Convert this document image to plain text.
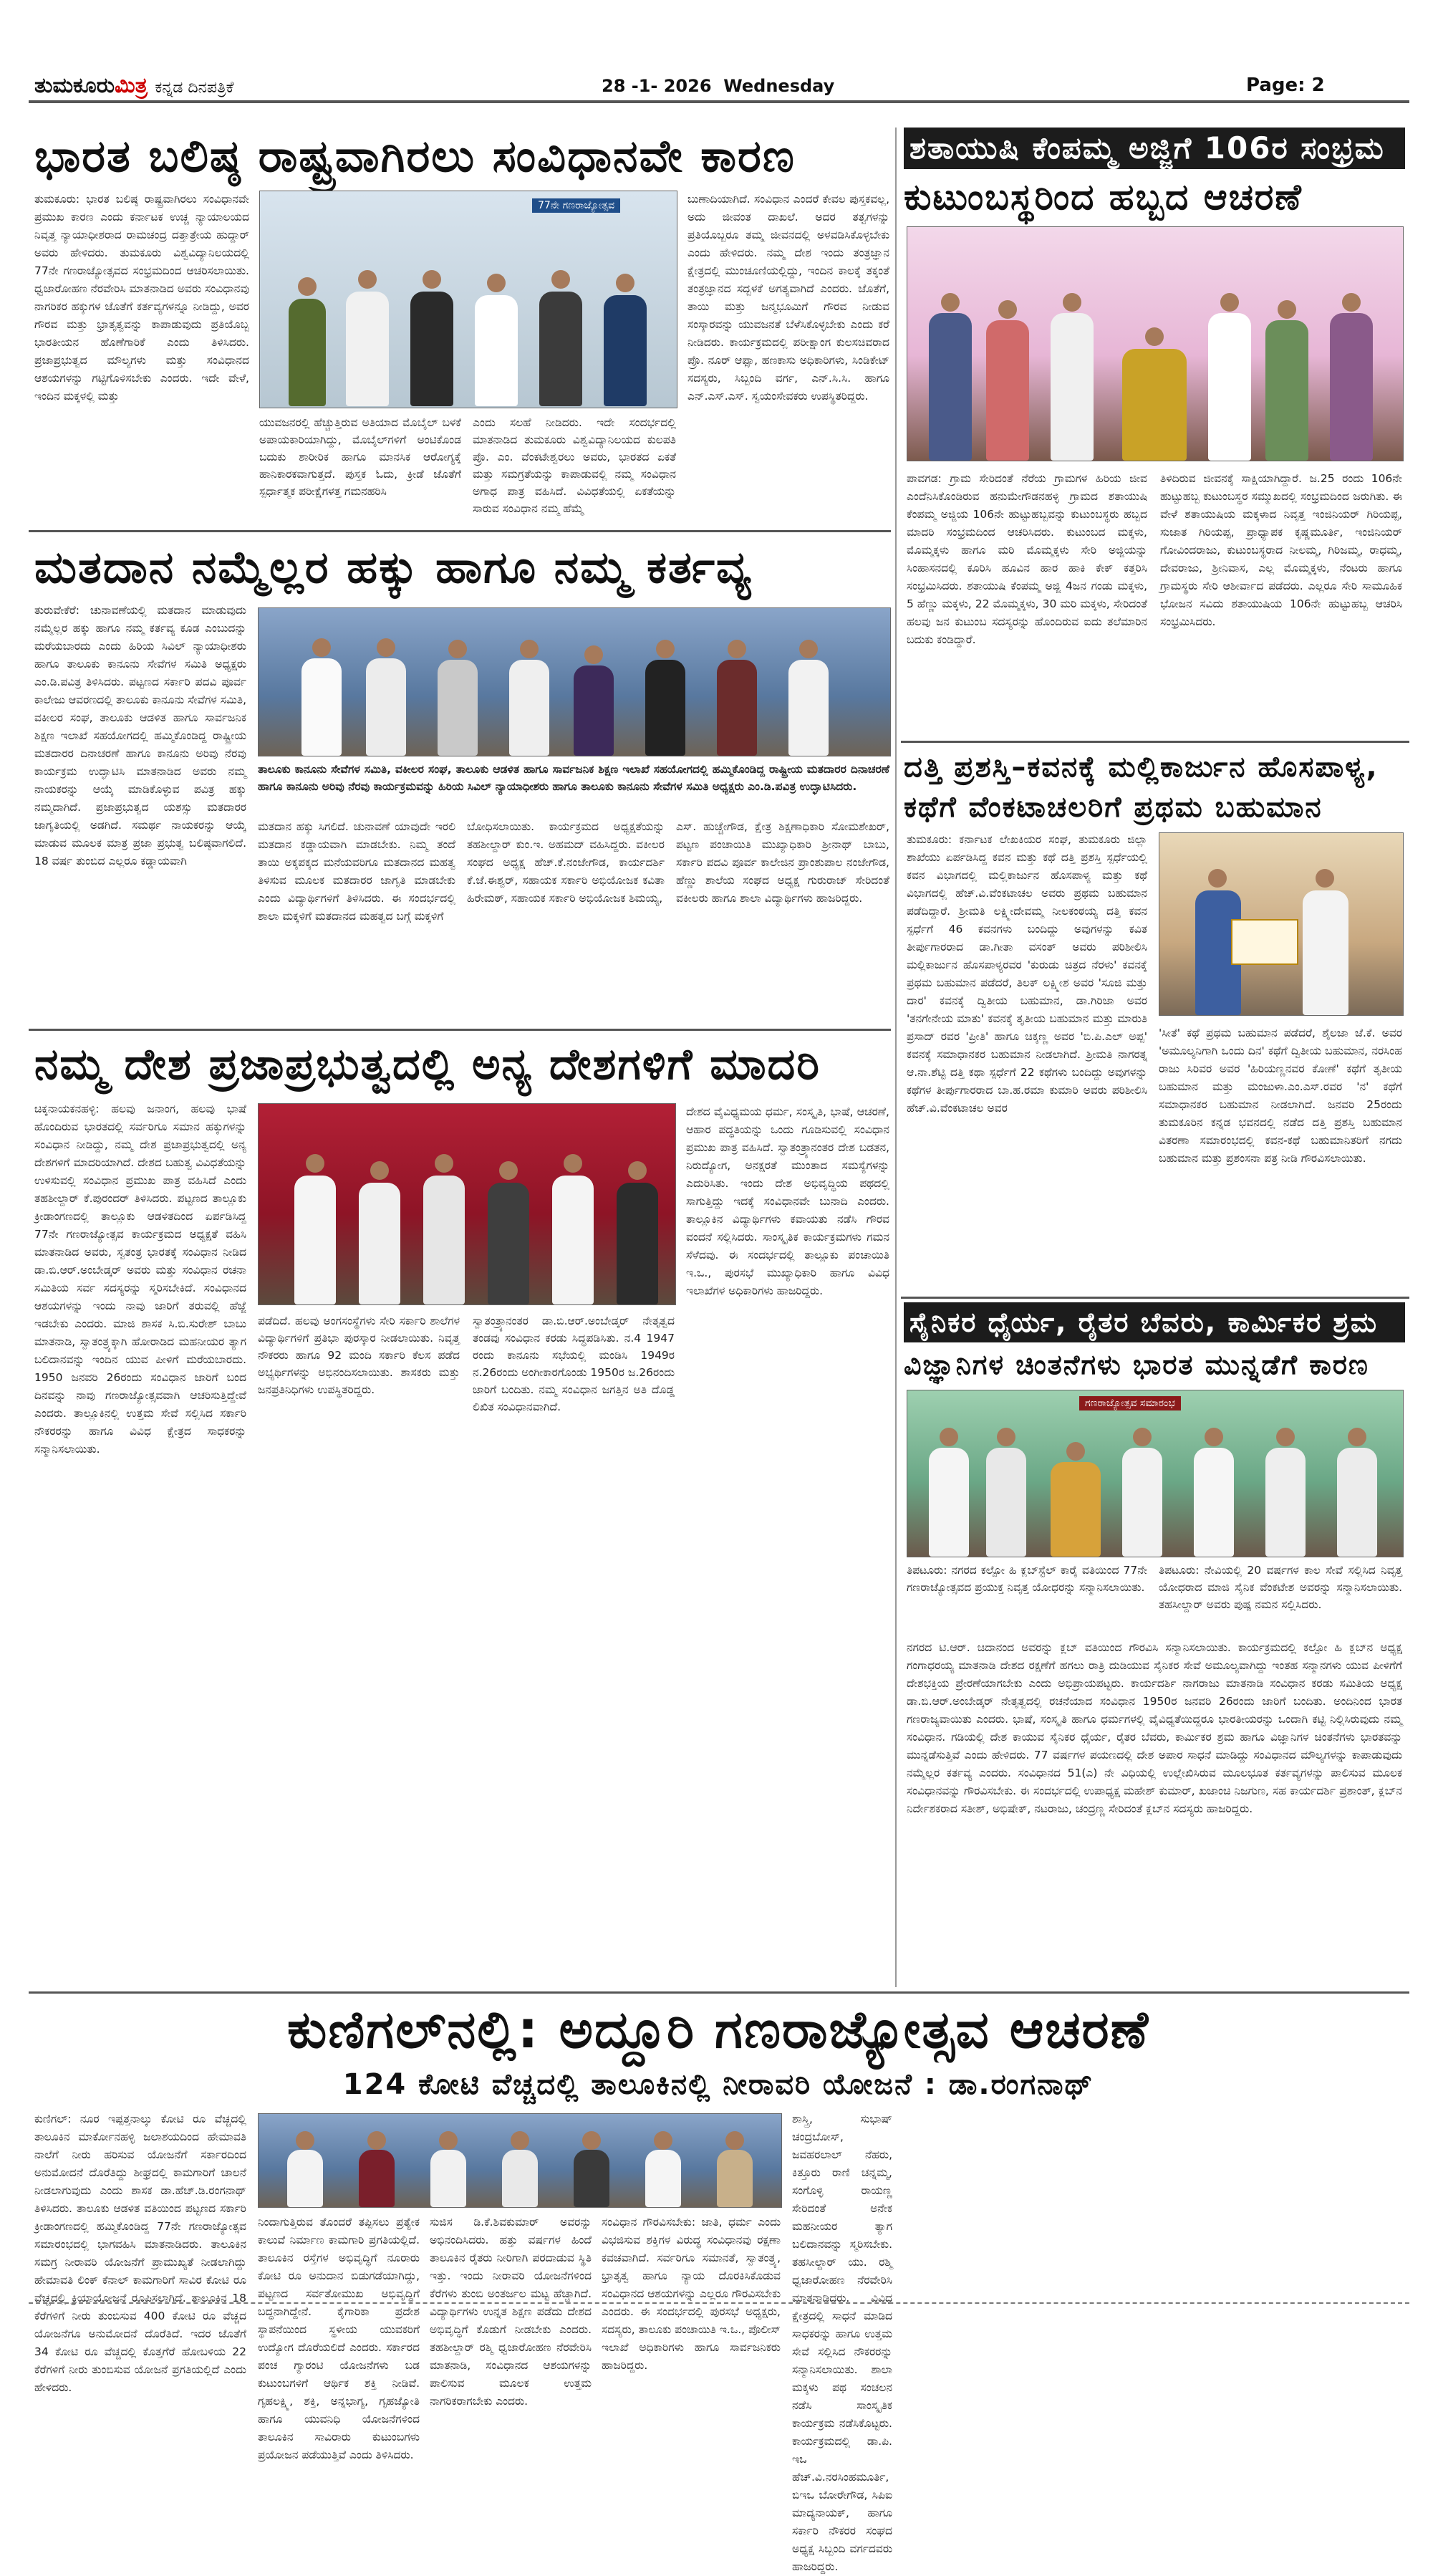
ತುಮಕೂರುಮಿತ್ರ ಕನ್ನಡ ದಿನಪತ್ರಿಕೆ	28 -1- 2026 Wednesday	Page: 2
ಭಾರತ ಬಲಿಷ್ಠ ರಾಷ್ಟ್ರವಾಗಿರಲು ಸಂವಿಧಾನವೇ ಕಾರಣ
ತುಮಕೂರು: ಭಾರತ ಬಲಿಷ್ಠ ರಾಷ್ಟ್ರವಾಗಿರಲು ಸಂವಿಧಾನವೇ ಪ್ರಮುಖ ಕಾರಣ ಎಂದು ಕರ್ನಾಟಕ ಉಚ್ಚ ನ್ಯಾಯಾಲಯದ ನಿವೃತ್ತ ನ್ಯಾಯಾಧೀಶರಾದ ರಾಮಚಂದ್ರ ದತ್ತಾತ್ರೇಯ ಹುದ್ದಾರ್ ಅವರು ಹೇಳಿದರು. ತುಮಕೂರು ವಿಶ್ವವಿದ್ಯಾನಿಲಯದಲ್ಲಿ 77ನೇ ಗಣರಾಜ್ಯೋತ್ಸವದ ಸಂಭ್ರಮದಿಂದ ಆಚರಿಸಲಾಯಿತು. ಧ್ವಜಾರೋಹಣ ನೆರವೇರಿಸಿ ಮಾತನಾಡಿದ ಅವರು ಸಂವಿಧಾನವು ನಾಗರಿಕರ ಹಕ್ಕುಗಳ ಜೊತೆಗೆ ಕರ್ತವ್ಯಗಳನ್ನೂ ನೀಡಿದ್ದು, ಅವರ ಗೌರವ ಮತ್ತು ಭ್ರಾತೃತ್ವವನ್ನು ಕಾಪಾಡುವುದು ಪ್ರತಿಯೊಬ್ಬ ಭಾರತೀಯನ ಹೊಣೆಗಾರಿಕೆ ಎಂದು ತಿಳಿಸಿದರು. ಪ್ರಜಾಪ್ರಭುತ್ವದ ಮೌಲ್ಯಗಳು ಮತ್ತು ಸಂವಿಧಾನದ ಆಶಯಗಳನ್ನು ಗಟ್ಟಿಗೊಳಿಸಬೇಕು ಎಂದರು. ಇದೇ ವೇಳೆ, ಇಂದಿನ ಮಕ್ಕಳಲ್ಲಿ ಮತ್ತು
77ನೇ ಗಣರಾಜ್ಯೋತ್ಸವ
ಯುವಜನರಲ್ಲಿ ಹೆಚ್ಚುತ್ತಿರುವ ಅತಿಯಾದ ಮೊಬೈಲ್ ಬಳಕೆ ಅಪಾಯಕಾರಿಯಾಗಿದ್ದು, ಮೊಬೈಲ್‌ಗಳಿಗೆ ಅಂಟಿಕೊಂಡ ಬದುಕು ಶಾರೀರಿಕ ಹಾಗೂ ಮಾನಸಿಕ ಆರೋಗ್ಯಕ್ಕೆ ಹಾನಿಕಾರಕವಾಗುತ್ತದೆ. ಪುಸ್ತಕ ಓದು, ಕ್ರೀಡೆ ಜೊತೆಗೆ ಸ್ಪರ್ಧಾತ್ಮಕ ಪರೀಕ್ಷೆಗಳತ್ತ ಗಮನಹರಿಸಿ
ಎಂದು ಸಲಹೆ ನೀಡಿದರು. ಇದೇ ಸಂದರ್ಭದಲ್ಲಿ ಮಾತನಾಡಿದ ತುಮಕೂರು ವಿಶ್ವವಿದ್ಯಾನಿಲಯದ ಕುಲಪತಿ ಪ್ರೊ. ಎಂ. ವೆಂಕಟೇಶ್ವರಲು ಅವರು, ಭಾರತದ ಏಕತೆ ಮತ್ತು ಸಮಗ್ರತೆಯನ್ನು ಕಾಪಾಡುವಲ್ಲಿ ನಮ್ಮ ಸಂವಿಧಾನ ಅಗಾಧ ಪಾತ್ರ ವಹಿಸಿದೆ. ವಿವಿಧತೆಯಲ್ಲಿ ಏಕತೆಯನ್ನು ಸಾರುವ ಸಂವಿಧಾನ ನಮ್ಮ ಹೆಮ್ಮೆ
ಬುಣಾದಿಯಾಗಿದೆ. ಸಂವಿಧಾನ ಎಂದರೆ ಕೇವಲ ಪುಸ್ತಕವಲ್ಲ, ಅದು ಜೀವಂತ ದಾಖಲೆ. ಅದರ ತತ್ವಗಳನ್ನು ಪ್ರತಿಯೊಬ್ಬರೂ ತಮ್ಮ ಜೀವನದಲ್ಲಿ ಅಳವಡಿಸಿಕೊಳ್ಳಬೇಕು ಎಂದು ಹೇಳಿದರು. ನಮ್ಮ ದೇಶ ಇಂದು ತಂತ್ರಜ್ಞಾನ ಕ್ಷೇತ್ರದಲ್ಲಿ ಮುಂಚೂಣಿಯಲ್ಲಿದ್ದು, ಇಂದಿನ ಕಾಲಕ್ಕೆ ತಕ್ಕಂತೆ ತಂತ್ರಜ್ಞಾನದ ಸದ್ಬಳಕೆ ಅಗತ್ಯವಾಗಿದೆ ಎಂದರು. ಜೊತೆಗೆ, ತಾಯಿ ಮತ್ತು ಜನ್ಮಭೂಮಿಗೆ ಗೌರವ ನೀಡುವ ಸಂಸ್ಕಾರವನ್ನು ಯುವಜನತೆ ಬೆಳೆಸಿಕೊಳ್ಳಬೇಕು ಎಂದು ಕರೆ ನೀಡಿದರು. ಕಾರ್ಯಕ್ರಮದಲ್ಲಿ ಪರೀಕ್ಷಾಂಗ ಕುಲಸಚಿವರಾದ ಪ್ರೊ. ನೂರ್ ಆಫ್ಸಾ, ಹಣಕಾಸು ಅಧಿಕಾರಿಗಳು, ಸಿಂಡಿಕೇಟ್ ಸದಸ್ಯರು, ಸಿಬ್ಬಂದಿ ವರ್ಗ, ಎನ್.ಸಿ.ಸಿ. ಹಾಗೂ ಎನ್.ಎಸ್.ಎಸ್. ಸ್ವಯಂಸೇವಕರು ಉಪಸ್ಥಿತರಿದ್ದರು.
ಮತದಾನ ನಮ್ಮೆಲ್ಲರ ಹಕ್ಕು ಹಾಗೂ ನಮ್ಮ ಕರ್ತವ್ಯ
ತುರುವೇಕೆರೆ: ಚುನಾವಣೆಯಲ್ಲಿ ಮತದಾನ ಮಾಡುವುದು ನಮ್ಮೆಲ್ಲರ ಹಕ್ಕು ಹಾಗೂ ನಮ್ಮ ಕರ್ತವ್ಯ ಕೂಡ ಎಂಬುದನ್ನು ಮರೆಯಬಾರದು ಎಂದು ಹಿರಿಯ ಸಿವಿಲ್ ನ್ಯಾಯಾಧೀಶರು ಹಾಗೂ ತಾಲೂಕು ಕಾನೂನು ಸೇವೆಗಳ ಸಮಿತಿ ಅಧ್ಯಕ್ಷರು ಎಂ.ಡಿ.ಪವಿತ್ರ ತಿಳಿಸಿದರು. ಪಟ್ಟಣದ ಸರ್ಕಾರಿ ಪದವಿ ಪೂರ್ವ ಕಾಲೇಜು ಆವರಣದಲ್ಲಿ ತಾಲೂಕು ಕಾನೂನು ಸೇವೆಗಳ ಸಮಿತಿ, ವಕೀಲರ ಸಂಘ, ತಾಲೂಕು ಆಡಳಿತ ಹಾಗೂ ಸಾರ್ವಜನಿಕ ಶಿಕ್ಷಣ ಇಲಾಖೆ ಸಹಯೋಗದಲ್ಲಿ ಹಮ್ಮಿಕೊಂಡಿದ್ದ ರಾಷ್ಟ್ರೀಯ ಮತದಾರರ ದಿನಾಚರಣೆ ಹಾಗೂ ಕಾನೂನು ಅರಿವು ನೆರವು ಕಾರ್ಯಕ್ರಮ ಉದ್ಘಾಟಿಸಿ ಮಾತನಾಡಿದ ಅವರು ನಮ್ಮ ನಾಯಕರನ್ನು ಆಯ್ಕೆ ಮಾಡಿಕೊಳ್ಳುವ ಪವಿತ್ರ ಹಕ್ಕು ನಮ್ಮದಾಗಿದೆ. ಪ್ರಜಾಪ್ರಭುತ್ವದ ಯಶಸ್ಸು ಮತದಾರರ ಜಾಗೃತಿಯಲ್ಲಿ ಅಡಗಿದೆ. ಸಮರ್ಥ ನಾಯಕರನ್ನು ಆಯ್ಕೆ ಮಾಡುವ ಮೂಲಕ ಮಾತ್ರ ಪ್ರಜಾ ಪ್ರಭುತ್ವ ಬಲಿಷ್ಠವಾಗಲಿದೆ. 18 ವರ್ಷ ತುಂಬಿದ ಎಲ್ಲರೂ ಕಡ್ಡಾಯವಾಗಿ
ತಾಲೂಕು ಕಾನೂನು ಸೇವೆಗಳ ಸಮಿತಿ, ವಕೀಲರ ಸಂಘ, ತಾಲೂಕು ಆಡಳಿತ ಹಾಗೂ ಸಾರ್ವಜನಿಕ ಶಿಕ್ಷಣ ಇಲಾಖೆ ಸಹಯೋಗದಲ್ಲಿ ಹಮ್ಮಿಕೊಂಡಿದ್ದ ರಾಷ್ಟ್ರೀಯ ಮತದಾರರ ದಿನಾಚರಣೆ ಹಾಗೂ ಕಾನೂನು ಅರಿವು ನೆರವು ಕಾರ್ಯಕ್ರಮವನ್ನು ಹಿರಿಯ ಸಿವಿಲ್ ನ್ಯಾಯಾಧೀಶರು ಹಾಗೂ ತಾಲೂಕು ಕಾನೂನು ಸೇವೆಗಳ ಸಮಿತಿ ಅಧ್ಯಕ್ಷರು ಎಂ.ಡಿ.ಪವಿತ್ರ ಉದ್ಘಾಟಿಸಿದರು.
ಮತದಾನ ಹಕ್ಕು ಸಿಗಲಿದೆ. ಚುನಾವಣೆ ಯಾವುದೇ ಇರಲಿ ಮತದಾನ ಕಡ್ಡಾಯವಾಗಿ ಮಾಡಬೇಕು. ನಿಮ್ಮ ತಂದೆ ತಾಯಿ ಅಕ್ಕಪಕ್ಕದ ಮನೆಯವರಿಗೂ ಮತದಾನದ ಮಹತ್ವ ತಿಳಿಸುವ ಮೂಲಕ ಮತದಾರರ ಜಾಗೃತಿ ಮಾಡಬೇಕು ಎಂದು ವಿದ್ಯಾರ್ಥಿಗಳಿಗೆ ತಿಳಿಸಿದರು. ಈ ಸಂದರ್ಭದಲ್ಲಿ ಶಾಲಾ ಮಕ್ಕಳಿಗೆ ಮತದಾನದ ಮಹತ್ವದ ಬಗ್ಗೆ ಮಕ್ಕಳಿಗೆ
ಬೋಧಿಸಲಾಯಿತು. ಕಾರ್ಯಕ್ರಮದ ಅಧ್ಯಕ್ಷತೆಯನ್ನು ತಹಶೀಲ್ದಾರ್ ಕುಂ.ಇ. ಅಹಮದ್ ವಹಿಸಿದ್ದರು. ವಕೀಲರ ಸಂಘದ ಅಧ್ಯಕ್ಷ ಹೆಚ್.ಕೆ.ನಂಜೇಗೌಡ, ಕಾರ್ಯದರ್ಶಿ ಕೆ.ಜೆ.ಈಶ್ವರ್, ಸಹಾಯಕ ಸರ್ಕಾರಿ ಅಭಿಯೋಜಕ ಕವಿತಾ ಹಿರೇಮಠ್, ಸಹಾಯಕ ಸರ್ಕಾರಿ ಅಭಿಯೋಜಕ ಶಿಮಯ್ಯ,
ಎಸ್. ಹುಚ್ಚೇಗೌಡ, ಕ್ಷೇತ್ರ ಶಿಕ್ಷಣಾಧಿಕಾರಿ ಸೋಮಶೇಖರ್, ಪಟ್ಟಣ ಪಂಚಾಯಿತಿ ಮುಖ್ಯಾಧಿಕಾರಿ ಶ್ರೀನಾಥ್ ಬಾಬು, ಸರ್ಕಾರಿ ಪದವಿ ಪೂರ್ವ ಕಾಲೇಜಿನ ಪ್ರಾಂಶುಪಾಲ ನಂಜೇಗೌಡ, ಹೆಣ್ಣು ಶಾಲೆಯ ಸಂಘದ ಅಧ್ಯಕ್ಷ ಗುರುರಾಜ್ ಸೇರಿದಂತೆ ವಕೀಲರು ಹಾಗೂ ಶಾಲಾ ವಿದ್ಯಾರ್ಥಿಗಳು ಹಾಜರಿದ್ದರು.
ನಮ್ಮ ದೇಶ ಪ್ರಜಾಪ್ರಭುತ್ವದಲ್ಲಿ ಅನ್ಯ ದೇಶಗಳಿಗೆ ಮಾದರಿ
ಚಿಕ್ಕನಾಯಕನಹಳ್ಳಿ: ಹಲವು ಜನಾಂಗ, ಹಲವು ಭಾಷೆ ಹೊಂದಿರುವ ಭಾರತದಲ್ಲಿ ಸರ್ವರಿಗೂ ಸಮಾನ ಹಕ್ಕುಗಳನ್ನು ಸಂವಿಧಾನ ನೀಡಿದ್ದು, ನಮ್ಮ ದೇಶ ಪ್ರಜಾಪ್ರಭುತ್ವದಲ್ಲಿ ಅನ್ಯ ದೇಶಗಳಿಗೆ ಮಾದರಿಯಾಗಿದೆ. ದೇಶದ ಬಹುತ್ವ ವಿವಿಧತೆಯನ್ನು ಉಳಿಸುವಲ್ಲಿ ಸಂವಿಧಾನ ಪ್ರಮುಖ ಪಾತ್ರ ವಹಿಸಿದೆ ಎಂದು ತಹಶೀಲ್ದಾರ್ ಕೆ.ಪುರಂದರ್ ತಿಳಿಸಿದರು. ಪಟ್ಟಣದ ತಾಲ್ಲೂಕು ಕ್ರೀಡಾಂಗಣದಲ್ಲಿ ತಾಲ್ಲೂಕು ಆಡಳಿತದಿಂದ ಏರ್ಪಡಿಸಿದ್ದ 77ನೇ ಗಣರಾಜ್ಯೋತ್ಸವ ಕಾರ್ಯಕ್ರಮದ ಅಧ್ಯಕ್ಷತೆ ವಹಿಸಿ ಮಾತನಾಡಿದ ಅವರು, ಸ್ವತಂತ್ರ ಭಾರತಕ್ಕೆ ಸಂವಿಧಾನ ನೀಡಿದ ಡಾ.ಬಿ.ಆರ್.ಅಂಬೇಡ್ಕರ್ ಅವರು ಮತ್ತು ಸಂವಿಧಾನ ರಚನಾ ಸಮಿತಿಯ ಸರ್ವ ಸದಸ್ಯರನ್ನು ಸ್ಮರಿಸಬೇಕಿದೆ. ಸಂವಿಧಾನದ ಆಶಯಗಳನ್ನು ಇಂದು ನಾವು ಜಾರಿಗೆ ತರುವಲ್ಲಿ ಹೆಜ್ಜೆ ಇಡಬೇಕು ಎಂದರು. ಮಾಜಿ ಶಾಸಕ ಸಿ.ಬಿ.ಸುರೇಶ್ ಬಾಬು ಮಾತನಾಡಿ, ಸ್ವಾತಂತ್ರ್ಯಕ್ಕಾಗಿ ಹೋರಾಡಿದ ಮಹನೀಯರ ತ್ಯಾಗ ಬಲಿದಾನವನ್ನು ಇಂದಿನ ಯುವ ಪೀಳಿಗೆ ಮರೆಯಬಾರದು. 1950 ಜನವರಿ 26ರಂದು ಸಂವಿಧಾನ ಜಾರಿಗೆ ಬಂದ ದಿನವನ್ನು ನಾವು ಗಣರಾಜ್ಯೋತ್ಸವವಾಗಿ ಆಚರಿಸುತ್ತಿದ್ದೇವೆ ಎಂದರು. ತಾಲ್ಲೂಕಿನಲ್ಲಿ ಉತ್ತಮ ಸೇವೆ ಸಲ್ಲಿಸಿದ ಸರ್ಕಾರಿ ನೌಕರರನ್ನು ಹಾಗೂ ವಿವಿಧ ಕ್ಷೇತ್ರದ ಸಾಧಕರನ್ನು ಸನ್ಮಾನಿಸಲಾಯಿತು.
ಪಡೆದಿದೆ. ಹಲವು ಅಂಗಸಂಸ್ಥೆಗಳು ಸೇರಿ ಸರ್ಕಾರಿ ಶಾಲೆಗಳ ವಿದ್ಯಾರ್ಥಿಗಳಿಗೆ ಪ್ರತಿಭಾ ಪುರಸ್ಕಾರ ನೀಡಲಾಯಿತು. ನಿವೃತ್ತ ನೌಕರರು ಹಾಗೂ 92 ಮಂದಿ ಸರ್ಕಾರಿ ಕೆಲಸ ಪಡೆದ ಅಭ್ಯರ್ಥಿಗಳನ್ನು ಅಭಿನಂದಿಸಲಾಯಿತು. ಶಾಸಕರು ಮತ್ತು ಜನಪ್ರತಿನಿಧಿಗಳು ಉಪಸ್ಥಿತರಿದ್ದರು.
ಸ್ವಾತಂತ್ರ್ಯಾನಂತರ ಡಾ.ಬಿ.ಆರ್.ಅಂಬೇಡ್ಕರ್ ನೇತೃತ್ವದ ತಂಡವು ಸಂವಿಧಾನ ಕರಡು ಸಿದ್ಧಪಡಿಸಿತು. ನ.4 1947 ರಂದು ಕಾನೂನು ಸಭೆಯಲ್ಲಿ ಮಂಡಿಸಿ 1949ರ ನ.26ರಂದು ಅಂಗೀಕಾರಗೊಂಡು 1950ರ ಜ.26ರಂದು ಜಾರಿಗೆ ಬಂದಿತು. ನಮ್ಮ ಸಂವಿಧಾನ ಜಗತ್ತಿನ ಅತಿ ದೊಡ್ಡ ಲಿಖಿತ ಸಂವಿಧಾನವಾಗಿದೆ.
ದೇಶದ ವೈವಿಧ್ಯಮಯ ಧರ್ಮ, ಸಂಸ್ಕೃತಿ, ಭಾಷೆ, ಆಚರಣೆ, ಆಹಾರ ಪದ್ಧತಿಯನ್ನು ಒಂದು ಗೂಡಿಸುವಲ್ಲಿ ಸಂವಿಧಾನ ಪ್ರಮುಖ ಪಾತ್ರ ವಹಿಸಿದೆ. ಸ್ವಾತಂತ್ರ್ಯಾನಂತರ ದೇಶ ಬಡತನ, ನಿರುದ್ಯೋಗ, ಅನಕ್ಷರತೆ ಮುಂತಾದ ಸಮಸ್ಯೆಗಳನ್ನು ಎದುರಿಸಿತು. ಇಂದು ದೇಶ ಅಭಿವೃದ್ಧಿಯ ಪಥದಲ್ಲಿ ಸಾಗುತ್ತಿದ್ದು ಇದಕ್ಕೆ ಸಂವಿಧಾನವೇ ಬುನಾದಿ ಎಂದರು. ತಾಲ್ಲೂಕಿನ ವಿದ್ಯಾರ್ಥಿಗಳು ಕವಾಯತು ನಡೆಸಿ ಗೌರವ ವಂದನೆ ಸಲ್ಲಿಸಿದರು. ಸಾಂಸ್ಕೃತಿಕ ಕಾರ್ಯಕ್ರಮಗಳು ಗಮನ ಸೆಳೆದವು. ಈ ಸಂದರ್ಭದಲ್ಲಿ ತಾಲ್ಲೂಕು ಪಂಚಾಯಿತಿ ಇ.ಒ., ಪುರಸಭೆ ಮುಖ್ಯಾಧಿಕಾರಿ ಹಾಗೂ ವಿವಿಧ ಇಲಾಖೆಗಳ ಅಧಿಕಾರಿಗಳು ಹಾಜರಿದ್ದರು.
ಶತಾಯುಷಿ ಕೆಂಪಮ್ಮ ಅಜ್ಜಿಗೆ 106ರ ಸಂಭ್ರಮ
ಕುಟುಂಬಸ್ಥರಿಂದ ಹಬ್ಬದ ಆಚರಣೆ
ಪಾವಗಡ: ಗ್ರಾಮ ಸೇರಿದಂತೆ ನೆರೆಯ ಗ್ರಾಮಗಳ ಹಿರಿಯ ಜೀವ ಎಂದೆನಿಸಿಕೊಂಡಿರುವ ಹನುಮೇಗೌಡನಹಳ್ಳಿ ಗ್ರಾಮದ ಶತಾಯುಷಿ ಕೆಂಪಮ್ಮ ಅಜ್ಜಿಯ 106ನೇ ಹುಟ್ಟುಹಬ್ಬವನ್ನು ಕುಟುಂಬಸ್ಥರು ಹಬ್ಬದ ಮಾದರಿ ಸಂಭ್ರಮದಿಂದ ಆಚರಿಸಿದರು. ಕುಟುಂಬದ ಮಕ್ಕಳು, ಮೊಮ್ಮಕ್ಕಳು ಹಾಗೂ ಮರಿ ಮೊಮ್ಮಕ್ಕಳು ಸೇರಿ ಅಜ್ಜಿಯನ್ನು ಸಿಂಹಾಸನದಲ್ಲಿ ಕೂರಿಸಿ ಹೂವಿನ ಹಾರ ಹಾಕಿ ಕೇಕ್ ಕತ್ತರಿಸಿ ಸಂಭ್ರಮಿಸಿದರು. ಶತಾಯುಷಿ ಕೆಂಪಮ್ಮ ಅಜ್ಜಿ 4ಜನ ಗಂಡು ಮಕ್ಕಳು, 5 ಹೆಣ್ಣು ಮಕ್ಕಳು, 22 ಮೊಮ್ಮಕ್ಕಳು, 30 ಮರಿ ಮಕ್ಕಳು, ಸೇರಿದಂತೆ ಹಲವು ಜನ ಕುಟುಂಬ ಸದಸ್ಯರನ್ನು ಹೊಂದಿರುವ ಐದು ತಲೆಮಾರಿನ ಬದುಕು ಕಂಡಿದ್ದಾರೆ.
ತಿಳಿದಿರುವ ಜೀವನಕ್ಕೆ ಸಾಕ್ಷಿಯಾಗಿದ್ದಾರೆ. ಜ.25 ರಂದು 106ನೇ ಹುಟ್ಟುಹಬ್ಬ ಕುಟುಂಬಸ್ಥರ ಸಮ್ಮುಖದಲ್ಲಿ ಸಂಭ್ರಮದಿಂದ ಜರುಗಿತು. ಈ ವೇಳೆ ಶತಾಯುಷಿಯ ಮಕ್ಕಳಾದ ನಿವೃತ್ತ ಇಂಜಿನಿಯರ್ ಗಿರಿಯಪ್ಪ, ಸುಜಾತ ಗಿರಿಯಪ್ಪ, ಪ್ರಾಧ್ಯಾಪಕ ಕೃಷ್ಣಮೂರ್ತಿ, ಇಂಜಿನಿಯರ್ ಗೋವಿಂದರಾಜು, ಕುಟುಂಬಸ್ಥರಾದ ನೀಲಮ್ಮ, ಗಿರಿಜಮ್ಮ, ರಾಧಮ್ಮ, ದೇವರಾಜು, ಶ್ರೀನಿವಾಸ, ಎಲ್ಲ ಮೊಮ್ಮಕ್ಕಳು, ನೆಂಟರು ಹಾಗೂ ಗ್ರಾಮಸ್ಥರು ಸೇರಿ ಆಶೀರ್ವಾದ ಪಡೆದರು. ಎಲ್ಲರೂ ಸೇರಿ ಸಾಮೂಹಿಕ ಭೋಜನ ಸವಿದು ಶತಾಯುಷಿಯ 106ನೇ ಹುಟ್ಟುಹಬ್ಬ ಆಚರಿಸಿ ಸಂಭ್ರಮಿಸಿದರು.
ದತ್ತಿ ಪ್ರಶಸ್ತಿ–ಕವನಕ್ಕೆ ಮಲ್ಲಿಕಾರ್ಜುನ ಹೊಸಪಾಳ್ಯ,
ಕಥೆಗೆ ವೆಂಕಟಾಚಲರಿಗೆ ಪ್ರಥಮ ಬಹುಮಾನ
ತುಮಕೂರು: ಕರ್ನಾಟಕ ಲೇಖಕಿಯರ ಸಂಘ, ತುಮಕೂರು ಜಿಲ್ಲಾ ಶಾಖೆಯು ಏರ್ಪಡಿಸಿದ್ದ ಕವನ ಮತ್ತು ಕಥೆ ದತ್ತಿ ಪ್ರಶಸ್ತಿ ಸ್ಪರ್ಧೆಯಲ್ಲಿ ಕವನ ವಿಭಾಗದಲ್ಲಿ ಮಲ್ಲಿಕಾರ್ಜುನ ಹೊಸಪಾಳ್ಯ ಮತ್ತು ಕಥೆ ವಿಭಾಗದಲ್ಲಿ ಹೆಚ್.ವಿ.ವೆಂಕಟಾಚಲ ಅವರು ಪ್ರಥಮ ಬಹುಮಾನ ಪಡೆದಿದ್ದಾರೆ. ಶ್ರೀಮತಿ ಲಕ್ಷ್ಮೀದೇವಮ್ಮ ನೀಲಕಂಠಯ್ಯ ದತ್ತಿ ಕವನ ಸ್ಪರ್ಧೆಗೆ 46 ಕವನಗಳು ಬಂದಿದ್ದು ಅವುಗಳನ್ನು ಕವಿತ ತೀರ್ಪುಗಾರರಾದ ಡಾ.ಗೀತಾ ವಸಂತ್ ಅವರು ಪರಿಶೀಲಿಸಿ ಮಲ್ಲಿಕಾರ್ಜುನ ಹೊಸಪಾಳ್ಯರವರ 'ಕುರುಡು ಚಿತ್ರದ ನೆರಳು' ಕವನಕ್ಕೆ ಪ್ರಥಮ ಬಹುಮಾನ ಪಡೆದರೆ, ತಿಲಕ್ ಲಕ್ಷ್ಮೀಶ ಅವರ 'ಸೂಜಿ ಮತ್ತು ದಾರ' ಕವನಕ್ಕೆ ದ್ವಿತೀಯ ಬಹುಮಾನ, ಡಾ.ಗಿರಿಜಾ ಅವರ 'ತನಗೇನೇಯ ಮಾತು' ಕವನಕ್ಕೆ ತೃತೀಯ ಬಹುಮಾನ ಮತ್ತು ಮಾರುತಿ ಪ್ರಸಾದ್ ರವರ 'ಪ್ರೀತಿ' ಹಾಗೂ ಚಿಕ್ಕಣ್ಣ ಅವರ 'ಬಿ.ಪಿ.ಎಲ್ ಅಪ್ಪ' ಕವನಕ್ಕೆ ಸಮಾಧಾನಕರ ಬಹುಮಾನ ನೀಡಲಾಗಿದೆ. ಶ್ರೀಮತಿ ನಾಗರತ್ನ ಆ.ನಾ.ಶೆಟ್ಟಿ ದತ್ತಿ ಕಥಾ ಸ್ಪರ್ಧೆಗೆ 22 ಕಥೆಗಳು ಬಂದಿದ್ದು ಅವುಗಳನ್ನು ಕಥೆಗಳ ತೀರ್ಪುಗಾರರಾದ ಬಾ.ಹ.ರಮಾ ಕುಮಾರಿ ಅವರು ಪರಿಶೀಲಿಸಿ ಹೆಚ್.ವಿ.ವೆಂಕಟಾಚಲ ಅವರ
'ಸೀತೆ' ಕಥೆ ಪ್ರಥಮ ಬಹುಮಾನ ಪಡೆದರೆ, ಶೈಲಜಾ ಜೆ.ಕೆ. ಅವರ 'ಅಮೂಲ್ಯನಿಗಾಗಿ ಒಂದು ದಿನ' ಕಥೆಗೆ ದ್ವಿತೀಯ ಬಹುಮಾನ, ನರಸಿಂಹ ರಾಜು ಸಿರಿವರ ಅವರ 'ಹಿರಿಯಣ್ಣನವರ ಕೋಣೆ' ಕಥೆಗೆ ತೃತೀಯ ಬಹುಮಾನ ಮತ್ತು ಮಂಜುಳಾ.ಎಂ.ಎಸ್.ರವರ 'ನ' ಕಥೆಗೆ ಸಮಾಧಾನಕರ ಬಹುಮಾನ ನೀಡಲಾಗಿದೆ. ಜನವರಿ 25ರಂದು ತುಮಕೂರಿನ ಕನ್ನಡ ಭವನದಲ್ಲಿ ನಡೆದ ದತ್ತಿ ಪ್ರಶಸ್ತಿ ಬಹುಮಾನ ವಿತರಣಾ ಸಮಾರಂಭದಲ್ಲಿ ಕವನ-ಕಥೆ ಬಹುಮಾನಿತರಿಗೆ ನಗದು ಬಹುಮಾನ ಮತ್ತು ಪ್ರಶಂಸನಾ ಪತ್ರ ನೀಡಿ ಗೌರವಿಸಲಾಯಿತು.
ಸೈನಿಕರ ಧೈರ್ಯ, ರೈತರ ಬೆವರು, ಕಾರ್ಮಿಕರ ಶ್ರಮ
ವಿಜ್ಞಾನಿಗಳ ಚಿಂತನೆಗಳು ಭಾರತ ಮುನ್ನಡೆಗೆ ಕಾರಣ
ಗಣರಾಜ್ಯೋತ್ಸವ ಸಮಾರಂಭ
ತಿಪಟೂರು: ನಗರದ ಕಲ್ಪೋ ಹಿ ಕ್ಲಬ್‌ಸ್ಟೆಲ್ ಕಾರೈ ವತಿಯಿಂದ 77ನೇ ಗಣರಾಜ್ಯೋತ್ಸವದ ಪ್ರಯುಕ್ತ ನಿವೃತ್ತ ಯೋಧರನ್ನು ಸನ್ಮಾನಿಸಲಾಯಿತು.
ತಿಪಟೂರು: ನೇವಿಯಲ್ಲಿ 20 ವರ್ಷಗಳ ಕಾಲ ಸೇವೆ ಸಲ್ಲಿಸಿದ ನಿವೃತ್ತ ಯೋಧರಾದ ಮಾಜಿ ಸೈನಿಕ ವೆಂಕಟೇಶ ಅವರನ್ನು ಸನ್ಮಾನಿಸಲಾಯಿತು. ತಹಸೀಲ್ದಾರ್ ಅವರು ಪುಷ್ಪ ನಮನ ಸಲ್ಲಿಸಿದರು.
ನಗರದ ಟಿ.ಆರ್. ಚಿದಾನಂದ ಅವರನ್ನು ಕ್ಲಬ್ ವತಿಯಿಂದ ಗೌರವಿಸಿ ಸನ್ಮಾನಿಸಲಾಯಿತು. ಕಾರ್ಯಕ್ರಮದಲ್ಲಿ ಕಲ್ಪೋ ಹಿ ಕ್ಲಬ್‌ನ ಅಧ್ಯಕ್ಷ ಗಂಗಾಧರಯ್ಯ ಮಾತನಾಡಿ ದೇಶದ ರಕ್ಷಣೆಗೆ ಹಗಲು ರಾತ್ರಿ ದುಡಿಯುವ ಸೈನಿಕರ ಸೇವೆ ಅಮೂಲ್ಯವಾಗಿದ್ದು ಇಂತಹ ಸನ್ಮಾನಗಳು ಯುವ ಪೀಳಿಗೆಗೆ ದೇಶಭಕ್ತಿಯ ಪ್ರೇರಣೆಯಾಗಬೇಕು ಎಂದು ಅಭಿಪ್ರಾಯಪಟ್ಟರು. ಕಾರ್ಯದರ್ಶಿ ನಾಗರಾಜು ಮಾತನಾಡಿ ಸಂವಿಧಾನ ಕರಡು ಸಮಿತಿಯ ಅಧ್ಯಕ್ಷ ಡಾ.ಬಿ.ಆರ್.ಅಂಬೇಡ್ಕರ್ ನೇತೃತ್ವದಲ್ಲಿ ರಚನೆಯಾದ ಸಂವಿಧಾನ 1950ರ ಜನವರಿ 26ರಂದು ಜಾರಿಗೆ ಬಂದಿತು. ಅಂದಿನಿಂದ ಭಾರತ ಗಣರಾಜ್ಯವಾಯಿತು ಎಂದರು. ಭಾಷೆ, ಸಂಸ್ಕೃತಿ ಹಾಗೂ ಧರ್ಮಗಳಲ್ಲಿ ವೈವಿಧ್ಯತೆಯಿದ್ದರೂ ಭಾರತೀಯರನ್ನು ಒಂದಾಗಿ ಕಟ್ಟಿ ನಿಲ್ಲಿಸಿರುವುದು ನಮ್ಮ ಸಂವಿಧಾನ. ಗಡಿಯಲ್ಲಿ ದೇಶ ಕಾಯುವ ಸೈನಿಕರ ಧೈರ್ಯ, ರೈತರ ಬೆವರು, ಕಾರ್ಮಿಕರ ಶ್ರಮ ಹಾಗೂ ವಿಜ್ಞಾನಿಗಳ ಚಿಂತನೆಗಳು ಭಾರತವನ್ನು ಮುನ್ನಡೆಸುತ್ತಿವೆ ಎಂದು ಹೇಳಿದರು. 77 ವರ್ಷಗಳ ಪಯಣದಲ್ಲಿ ದೇಶ ಅಪಾರ ಸಾಧನೆ ಮಾಡಿದ್ದು ಸಂವಿಧಾನದ ಮೌಲ್ಯಗಳನ್ನು ಕಾಪಾಡುವುದು ನಮ್ಮೆಲ್ಲರ ಕರ್ತವ್ಯ ಎಂದರು. ಸಂವಿಧಾನದ 51(ಎ) ನೇ ವಿಧಿಯಲ್ಲಿ ಉಲ್ಲೇಖಿಸಿರುವ ಮೂಲಭೂತ ಕರ್ತವ್ಯಗಳನ್ನು ಪಾಲಿಸುವ ಮೂಲಕ ಸಂವಿಧಾನವನ್ನು ಗೌರವಿಸಬೇಕು. ಈ ಸಂದರ್ಭದಲ್ಲಿ ಉಪಾಧ್ಯಕ್ಷ ಮಹೇಶ್ ಕುಮಾರ್, ಖಜಾಂಚಿ ನಿಜಗುಣ, ಸಹ ಕಾರ್ಯದರ್ಶಿ ಪ್ರಶಾಂತ್, ಕ್ಲಬ್‌ನ ನಿರ್ದೇಶಕರಾದ ಸತೀಶ್, ಅಭಿಷೇಕ್, ನಟರಾಜು, ಚಂದ್ರಣ್ಣ ಸೇರಿದಂತೆ ಕ್ಲಬ್‌ನ ಸದಸ್ಯರು ಹಾಜರಿದ್ದರು.
ಕುಣಿಗಲ್‌ನಲ್ಲಿ: ಅದ್ದೂರಿ ಗಣರಾಜ್ಯೋತ್ಸವ ಆಚರಣೆ
124 ಕೋಟಿ ವೆಚ್ಚದಲ್ಲಿ ತಾಲೂಕಿನಲ್ಲಿ ನೀರಾವರಿ ಯೋಜನೆ : ಡಾ.ರಂಗನಾಥ್
ಕುಣಿಗಲ್: ನೂರ ಇಪ್ಪತ್ತನಾಲ್ಕು ಕೋಟಿ ರೂ ವೆಚ್ಚದಲ್ಲಿ ತಾಲೂಕಿನ ಮಾರ್ಕೋನಹಳ್ಳಿ ಜಲಾಶಯದಿಂದ ಹೇಮಾವತಿ ನಾಲೆಗೆ ನೀರು ಹರಿಸುವ ಯೋಜನೆಗೆ ಸರ್ಕಾರದಿಂದ ಅನುಮೋದನೆ ದೊರೆತಿದ್ದು ಶೀಘ್ರದಲ್ಲಿ ಕಾಮಗಾರಿಗೆ ಚಾಲನೆ ನೀಡಲಾಗುವುದು ಎಂದು ಶಾಸಕ ಡಾ.ಹೆಚ್.ಡಿ.ರಂಗನಾಥ್ ತಿಳಿಸಿದರು. ತಾಲೂಕು ಆಡಳಿತ ವತಿಯಿಂದ ಪಟ್ಟಣದ ಸರ್ಕಾರಿ ಕ್ರೀಡಾಂಗಣದಲ್ಲಿ ಹಮ್ಮಿಕೊಂಡಿದ್ದ 77ನೇ ಗಣರಾಜ್ಯೋತ್ಸವ ಸಮಾರಂಭದಲ್ಲಿ ಭಾಗವಹಿಸಿ ಮಾತನಾಡಿದರು. ತಾಲೂಕಿನ ಸಮಗ್ರ ನೀರಾವರಿ ಯೋಜನೆಗೆ ಪ್ರಾಮುಖ್ಯತೆ ನೀಡಲಾಗಿದ್ದು ಹೇಮಾವತಿ ಲಿಂಕ್ ಕೆನಾಲ್ ಕಾಮಗಾರಿಗೆ ಸಾವಿರ ಕೋಟಿ ರೂ ವೆಚ್ಚದಲ್ಲಿ ಕ್ರಿಯಾಯೋಜನೆ ರೂಪಿಸಲಾಗಿದೆ. ತಾಲೂಕಿನ 18 ಕೆರೆಗಳಿಗೆ ನೀರು ತುಂಬಿಸುವ 400 ಕೋಟಿ ರೂ ವೆಚ್ಚದ ಯೋಜನೆಗೂ ಅನುಮೋದನೆ ದೊರೆತಿದೆ. ಇದರ ಜೊತೆಗೆ 34 ಕೋಟಿ ರೂ ವೆಚ್ಚದಲ್ಲಿ ಕೊತ್ತಗೆರೆ ಹೋಬಳಿಯ 22 ಕೆರೆಗಳಿಗೆ ನೀರು ತುಂಬಿಸುವ ಯೋಜನೆ ಪ್ರಗತಿಯಲ್ಲಿದೆ ಎಂದು ಹೇಳಿದರು.
ನಿಂದಾಗುತ್ತಿರುವ ತೊಂದರೆ ತಪ್ಪಿಸಲು ಪ್ರತ್ಯೇಕ ಕಾಲುವೆ ನಿರ್ಮಾಣ ಕಾಮಗಾರಿ ಪ್ರಗತಿಯಲ್ಲಿದೆ. ತಾಲೂಕಿನ ರಸ್ತೆಗಳ ಅಭಿವೃದ್ಧಿಗೆ ನೂರಾರು ಕೋಟಿ ರೂ ಅನುದಾನ ಬಿಡುಗಡೆಯಾಗಿದ್ದು, ಪಟ್ಟಣದ ಸರ್ವತೋಮುಖ ಅಭಿವೃದ್ಧಿಗೆ ಬದ್ಧನಾಗಿದ್ದೇನೆ. ಕೈಗಾರಿಕಾ ಪ್ರದೇಶ ಸ್ಥಾಪನೆಯಿಂದ ಸ್ಥಳೀಯ ಯುವಕರಿಗೆ ಉದ್ಯೋಗ ದೊರೆಯಲಿದೆ ಎಂದರು. ಸರ್ಕಾರದ ಪಂಚ ಗ್ಯಾರಂಟಿ ಯೋಜನೆಗಳು ಬಡ ಕುಟುಂಬಗಳಿಗೆ ಆರ್ಥಿಕ ಶಕ್ತಿ ನೀಡಿವೆ. ಗೃಹಲಕ್ಷ್ಮಿ, ಶಕ್ತಿ, ಅನ್ನಭಾಗ್ಯ, ಗೃಹಜ್ಯೋತಿ ಹಾಗೂ ಯುವನಿಧಿ ಯೋಜನೆಗಳಿಂದ ತಾಲೂಕಿನ ಸಾವಿರಾರು ಕುಟುಂಬಗಳು ಪ್ರಯೋಜನ ಪಡೆಯುತ್ತಿವೆ ಎಂದು ತಿಳಿಸಿದರು.
ಸುಜಿಸ ಡಿ.ಕೆ.ಶಿವಕುಮಾರ್ ಅವರನ್ನು ಅಭಿನಂದಿಸಿದರು. ಹತ್ತು ವರ್ಷಗಳ ಹಿಂದೆ ತಾಲೂಕಿನ ರೈತರು ನೀರಿಗಾಗಿ ಪರದಾಡುವ ಸ್ಥಿತಿ ಇತ್ತು. ಇಂದು ನೀರಾವರಿ ಯೋಜನೆಗಳಿಂದ ಕೆರೆಗಳು ತುಂಬಿ ಅಂತರ್ಜಲ ಮಟ್ಟ ಹೆಚ್ಚಾಗಿದೆ. ವಿದ್ಯಾರ್ಥಿಗಳು ಉನ್ನತ ಶಿಕ್ಷಣ ಪಡೆದು ದೇಶದ ಅಭಿವೃದ್ಧಿಗೆ ಕೊಡುಗೆ ನೀಡಬೇಕು ಎಂದರು. ತಹಶೀಲ್ದಾರ್ ರಶ್ಮಿ ಧ್ವಜಾರೋಹಣ ನೆರವೇರಿಸಿ ಮಾತನಾಡಿ, ಸಂವಿಧಾನದ ಆಶಯಗಳನ್ನು ಪಾಲಿಸುವ ಮೂಲಕ ಉತ್ತಮ ನಾಗರಿಕರಾಗಬೇಕು ಎಂದರು.
ಸಂವಿಧಾನ ಗೌರವಿಸಬೇಕು: ಜಾತಿ, ಧರ್ಮ ಎಂದು ವಿಭಜಿಸುವ ಶಕ್ತಿಗಳ ವಿರುದ್ಧ ಸಂವಿಧಾನವು ರಕ್ಷಣಾ ಕವಚವಾಗಿದೆ. ಸರ್ವರಿಗೂ ಸಮಾನತೆ, ಸ್ವಾತಂತ್ರ್ಯ, ಭ್ರಾತೃತ್ವ ಹಾಗೂ ನ್ಯಾಯ ದೊರಕಿಸಿಕೊಡುವ ಸಂವಿಧಾನದ ಆಶಯಗಳನ್ನು ಎಲ್ಲರೂ ಗೌರವಿಸಬೇಕು ಎಂದರು. ಈ ಸಂದರ್ಭದಲ್ಲಿ ಪುರಸಭೆ ಅಧ್ಯಕ್ಷರು, ಸದಸ್ಯರು, ತಾಲೂಕು ಪಂಚಾಯಿತಿ ಇ.ಒ., ಪೊಲೀಸ್ ಇಲಾಖೆ ಅಧಿಕಾರಿಗಳು ಹಾಗೂ ಸಾರ್ವಜನಿಕರು ಹಾಜರಿದ್ದರು.
ಶಾಸ್ತ್ರಿ, ಸುಭಾಷ್ ಚಂದ್ರಬೋಸ್, ಜವಹರಲಾಲ್ ನೆಹರು, ಕಿತ್ತೂರು ರಾಣಿ ಚನ್ನಮ್ಮ, ಸಂಗೊಳ್ಳಿ ರಾಯಣ್ಣ ಸೇರಿದಂತೆ ಅನೇಕ ಮಹನೀಯರ ತ್ಯಾಗ ಬಲಿದಾನವನ್ನು ಸ್ಮರಿಸಬೇಕು. ತಹಸೀಲ್ದಾರ್ ಯು. ರಶ್ಮಿ ಧ್ವಜಾರೋಹಣ ನೆರವೇರಿಸಿ ಮಾತನಾಡಿದರು. ವಿವಿಧ ಕ್ಷೇತ್ರದಲ್ಲಿ ಸಾಧನೆ ಮಾಡಿದ ಸಾಧಕರನ್ನು ಹಾಗೂ ಉತ್ತಮ ಸೇವೆ ಸಲ್ಲಿಸಿದ ನೌಕರರನ್ನು ಸನ್ಮಾನಿಸಲಾಯಿತು. ಶಾಲಾ ಮಕ್ಕಳು ಪಥ ಸಂಚಲನ ನಡೆಸಿ ಸಾಂಸ್ಕೃತಿಕ ಕಾರ್ಯಕ್ರಮ ನಡೆಸಿಕೊಟ್ಟರು. ಕಾರ್ಯಕ್ರಮದಲ್ಲಿ ಡಾ.ಪಿ. ಇಒ ಹೆಚ್.ವಿ.ನರಸಿಂಹಮೂರ್ತಿ, ಬಿಇಒ ಬೋರೇಗೌಡ, ಸಿಪಿಐ ಮಾದ್ಯನಾಯಕ್, ಹಾಗೂ ಸರ್ಕಾರಿ ನೌಕರರ ಸಂಘದ ಅಧ್ಯಕ್ಷ ಸಿಬ್ಬಂದಿ ವರ್ಗದವರು ಹಾಜರಿದ್ದರು.
